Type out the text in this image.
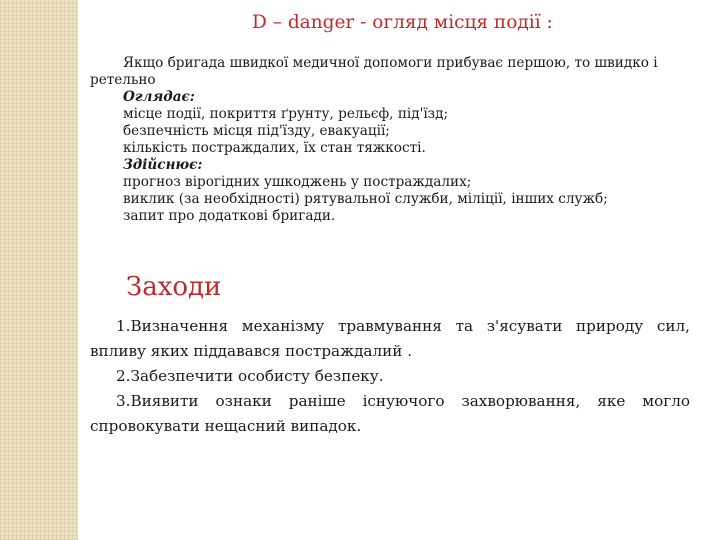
D – danger - огляд місця події :

Якщо бригада швидкої медичної допомоги прибуває першою, то швидко і ретельно

Оглядає:
місце події, покриття ґрунту, рельєф, під'їзд;
безпечність місця під'їзду, евакуації;
кількість постраждалих, їх стан тяжкості.
Здійснює:
прогноз вірогідних ушкоджень у постраждалих;
виклик (за необхідності) рятувальної служби, міліції, інших служб;
запит про додаткові бригади.
Заходи

1.Визначення механізму травмування та з'ясувати природу сил, впливу яких піддавався постраждалий .

2.Забезпечити особисту безпеку.

3.Виявити ознаки раніше існуючого захворювання, яке могло спровокувати нещасний випадок.
